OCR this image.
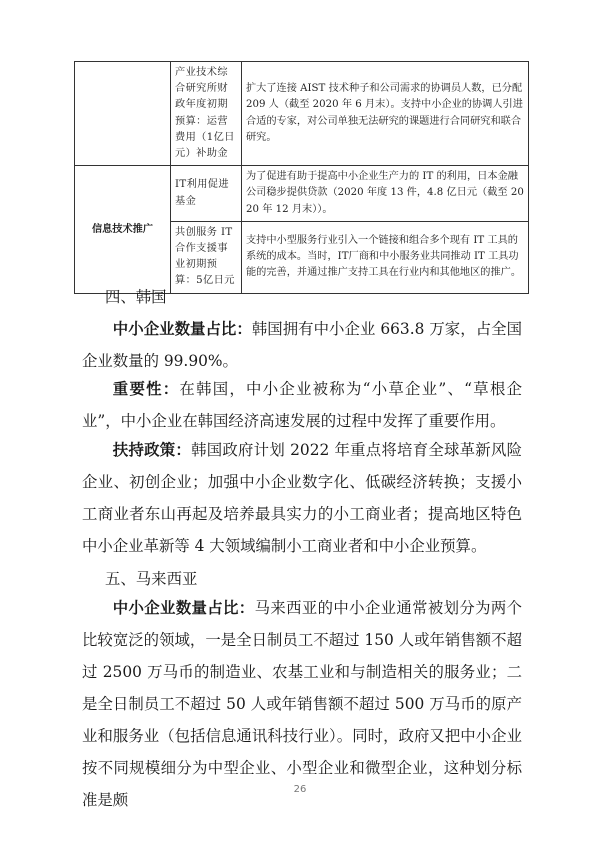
	产业技术综合研究所财政年度初期预算：运营费用（1亿日元）补助金	扩大了连接 AIST 技术种子和公司需求的协调员人数，已分配 209 人（截至 2020 年 6 月末）。支持中小企业的协调人引进合适的专家，对公司单独无法研究的课题进行合同研究和联合研究。
信息技术推广	IT利用促进基金	为了促进有助于提高中小企业生产力的 IT 的利用，日本金融公司稳步提供贷款（2020 年度 13 件，4.8 亿日元（截至 2020 年 12 月末））。
	共创服务 IT合作支援事业初期预算：5亿日元	支持中小型服务行业引入一个链接和组合多个现有 IT 工具的系统的成本。当时，IT厂商和中小服务业共同推动 IT 工具功能的完善，并通过推广支持工具在行业内和其他地区的推广。
四、韩国
中小企业数量占比：韩国拥有中小企业 663.8 万家，占全国企业数量的 99.90%。
重要性：在韩国，中小企业被称为“小草企业”、“草根企业”，中小企业在韩国经济高速发展的过程中发挥了重要作用。
扶持政策：韩国政府计划 2022 年重点将培育全球革新风险企业、初创企业；加强中小企业数字化、低碳经济转换；支援小工商业者东山再起及培养最具实力的小工商业者；提高地区特色中小企业革新等 4 大领域编制小工商业者和中小企业预算。
五、马来西亚
中小企业数量占比：马来西亚的中小企业通常被划分为两个比较宽泛的领域，一是全日制员工不超过 150 人或年销售额不超过 2500 万马币的制造业、农基工业和与制造相关的服务业；二是全日制员工不超过 50 人或年销售额不超过 500 万马币的原产业和服务业（包括信息通讯科技行业）。同时，政府又把中小企业按不同规模细分为中型企业、小型企业和微型企业，这种划分标准是颇
26
